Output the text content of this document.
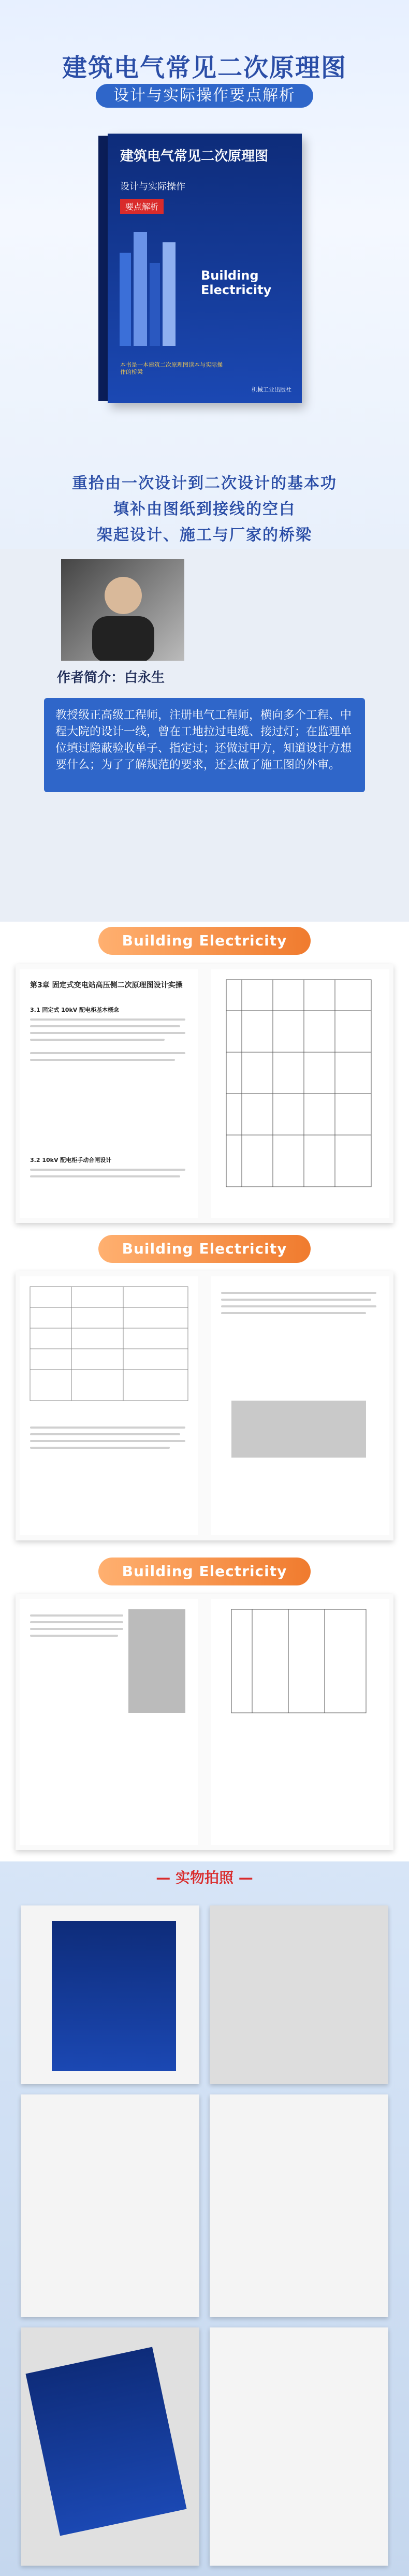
建筑电气常见二次原理图
设计与实际操作要点解析
建筑电气常见二次原理图
设计与实际操作
要点解析
Building Electricity
本书是一本建筑二次原理图读本与实际操作的桥梁
机械工业出版社
重拾由一次设计到二次设计的基本功
填补由图纸到接线的空白
架起设计、施工与厂家的桥梁
作者简介：白永生
教授级正高级工程师，注册电气工程师，横向多个工程、中程大院的设计一线，曾在工地拉过电缆、接过灯；在监理单位填过隐蔽验收单子、指定过；还做过甲方，知道设计方想要什么；为了了解规范的要求，还去做了施工图的外审。
Building Electricity
第3章 固定式变电站高压侧二次原理图设计实操
3.1 固定式 10kV 配电柜基本概念
3.2 10kV 配电柜手动合闸设计
Building Electricity
Building Electricity
— 实物拍照 —
